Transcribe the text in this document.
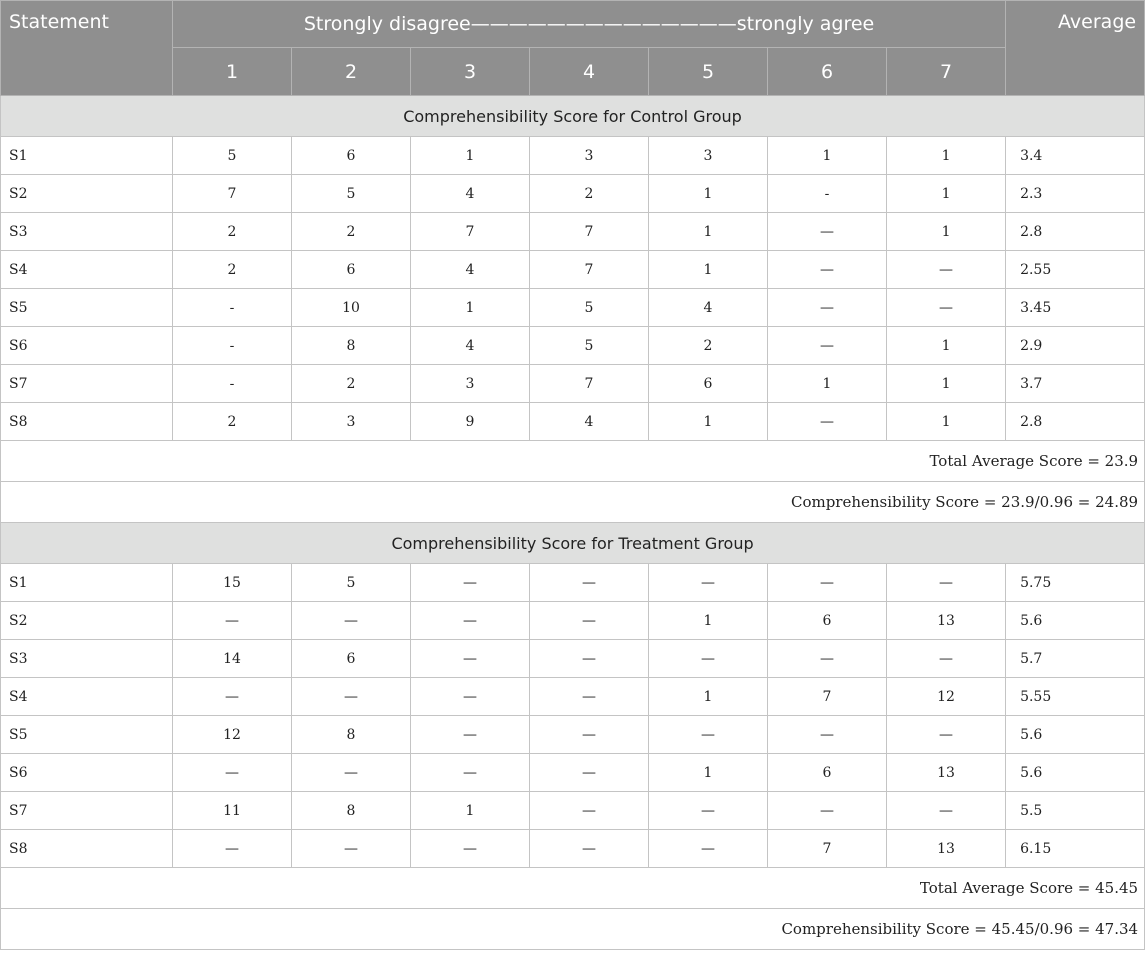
Statement	Strongly disagree——————————————strongly agree							Average
	1	2	3	4	5	6	7	
Comprehensibility Score for Control Group								
S1	5	6	1	3	3	1	1	3.4
S2	7	5	4	2	1	-	1	2.3
S3	2	2	7	7	1	—	1	2.8
S4	2	6	4	7	1	—	—	2.55
S5	-	10	1	5	4	—	—	3.45
S6	-	8	4	5	2	—	1	2.9
S7	-	2	3	7	6	1	1	3.7
S8	2	3	9	4	1	—	1	2.8
Total Average Score = 23.9								
Comprehensibility Score = 23.9/0.96 = 24.89								
Comprehensibility Score for Treatment Group								
S1	15	5	—	—	—	—	—	5.75
S2	—	—	—	—	1	6	13	5.6
S3	14	6	—	—	—	—	—	5.7
S4	—	—	—	—	1	7	12	5.55
S5	12	8	—	—	—	—	—	5.6
S6	—	—	—	—	1	6	13	5.6
S7	11	8	1	—	—	—	—	5.5
S8	—	—	—	—	—	7	13	6.15
Total Average Score = 45.45								
Comprehensibility Score = 45.45/0.96 = 47.34								
